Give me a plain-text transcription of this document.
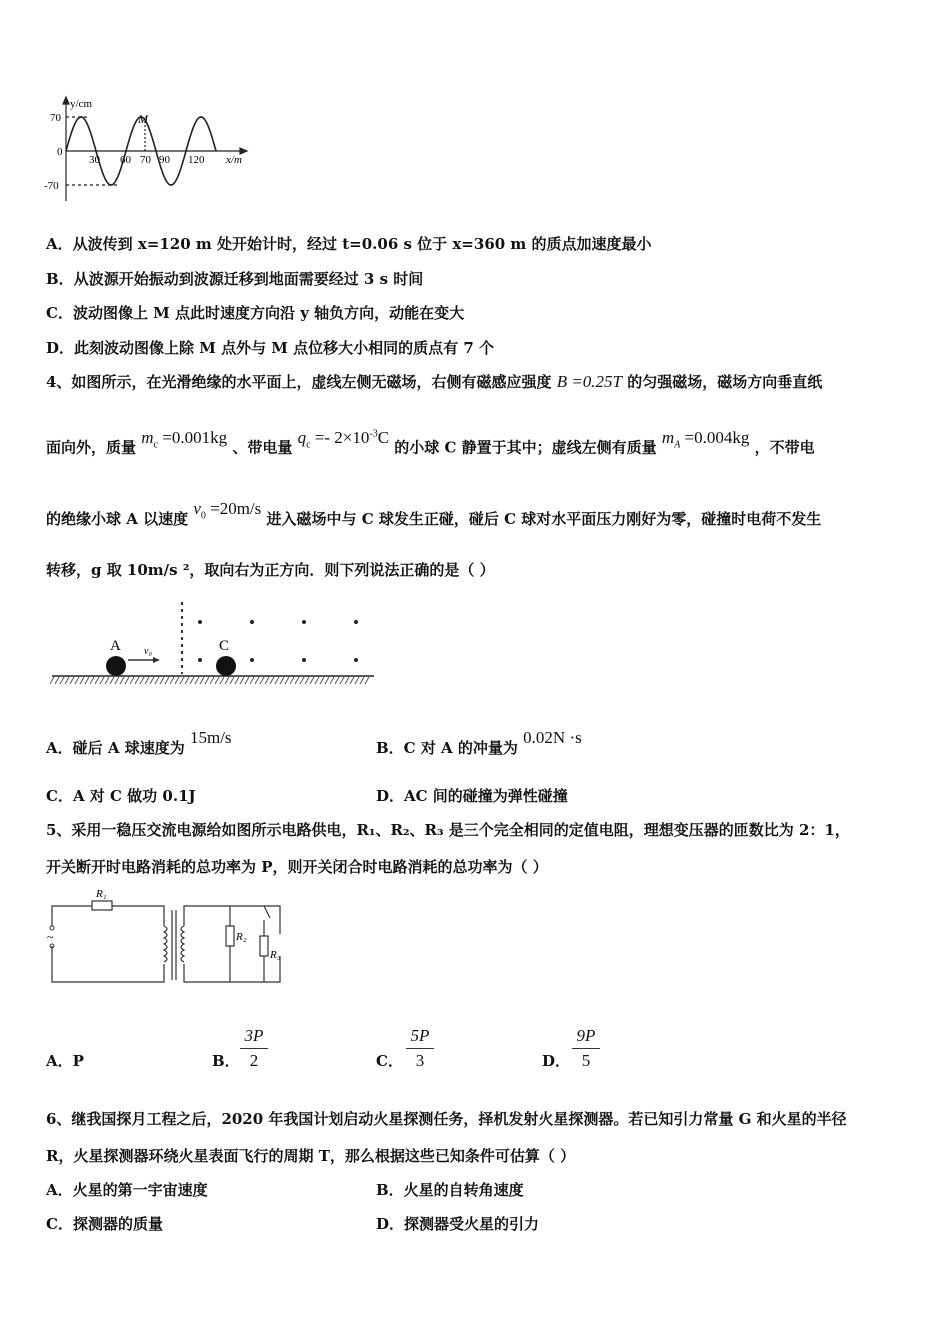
y/cm
70
0
-70
30 60 70 90 120 x/m
M
A．从波传到 x=120 m 处开始计时，经过 t=0.06 s 位于 x=360 m 的质点加速度最小
B．从波源开始振动到波源迁移到地面需要经过 3 s 时间
C．波动图像上 M 点此时速度方向沿 y 轴负方向，动能在变大
D．此刻波动图像上除 M 点外与 M 点位移大小相同的质点有 7 个
4、如图所示，在光滑绝缘的水平面上，虚线左侧无磁场，右侧有磁感应强度 B =0.25T 的匀强磁场，磁场方向垂直纸
面向外，质量 $m_c =0.001kg$ 、带电量 $q_c =- 2\times 10^{-3}C$ 的小球 C 静置于其中；虚线左侧有质量 $m_A =0.004kg$ ，不带电
的绝缘小球 A 以速度 $v_0 =20m/s$ 进入磁场中与 C 球发生正碰，碰后 C 球对水平面压力刚好为零，碰撞时电荷不发生
转移，g 取 10m/s ²，取向右为正方向．则下列说法正确的是（ ）
A	C
v₀
A．碰后 A 球速度为 15m/s
B．C 对 A 的冲量为 0.02N ·s
C．A 对 C 做功 0.1J	D．AC 间的碰撞为弹性碰撞
5、采用一稳压交流电源给如图所示电路供电，R₁、R₂、R₃ 是三个完全相同的定值电阻，理想变压器的匝数比为 2：1，
开关断开时电路消耗的总功率为 P，则开关闭合时电路消耗的总功率为（ ）
~
R₁
R₂
R₃
A．P	B．
3P
2	C．
5P
3	D．
9P
5
6、继我国探月工程之后，2020 年我国计划启动火星探测任务，择机发射火星探测器。若已知引力常量 G 和火星的半径
R，火星探测器环绕火星表面飞行的周期 T，那么根据这些已知条件可估算（ ）
A．火星的第一宇宙速度	B．火星的自转角速度
C．探测器的质量	D．探测器受火星的引力
